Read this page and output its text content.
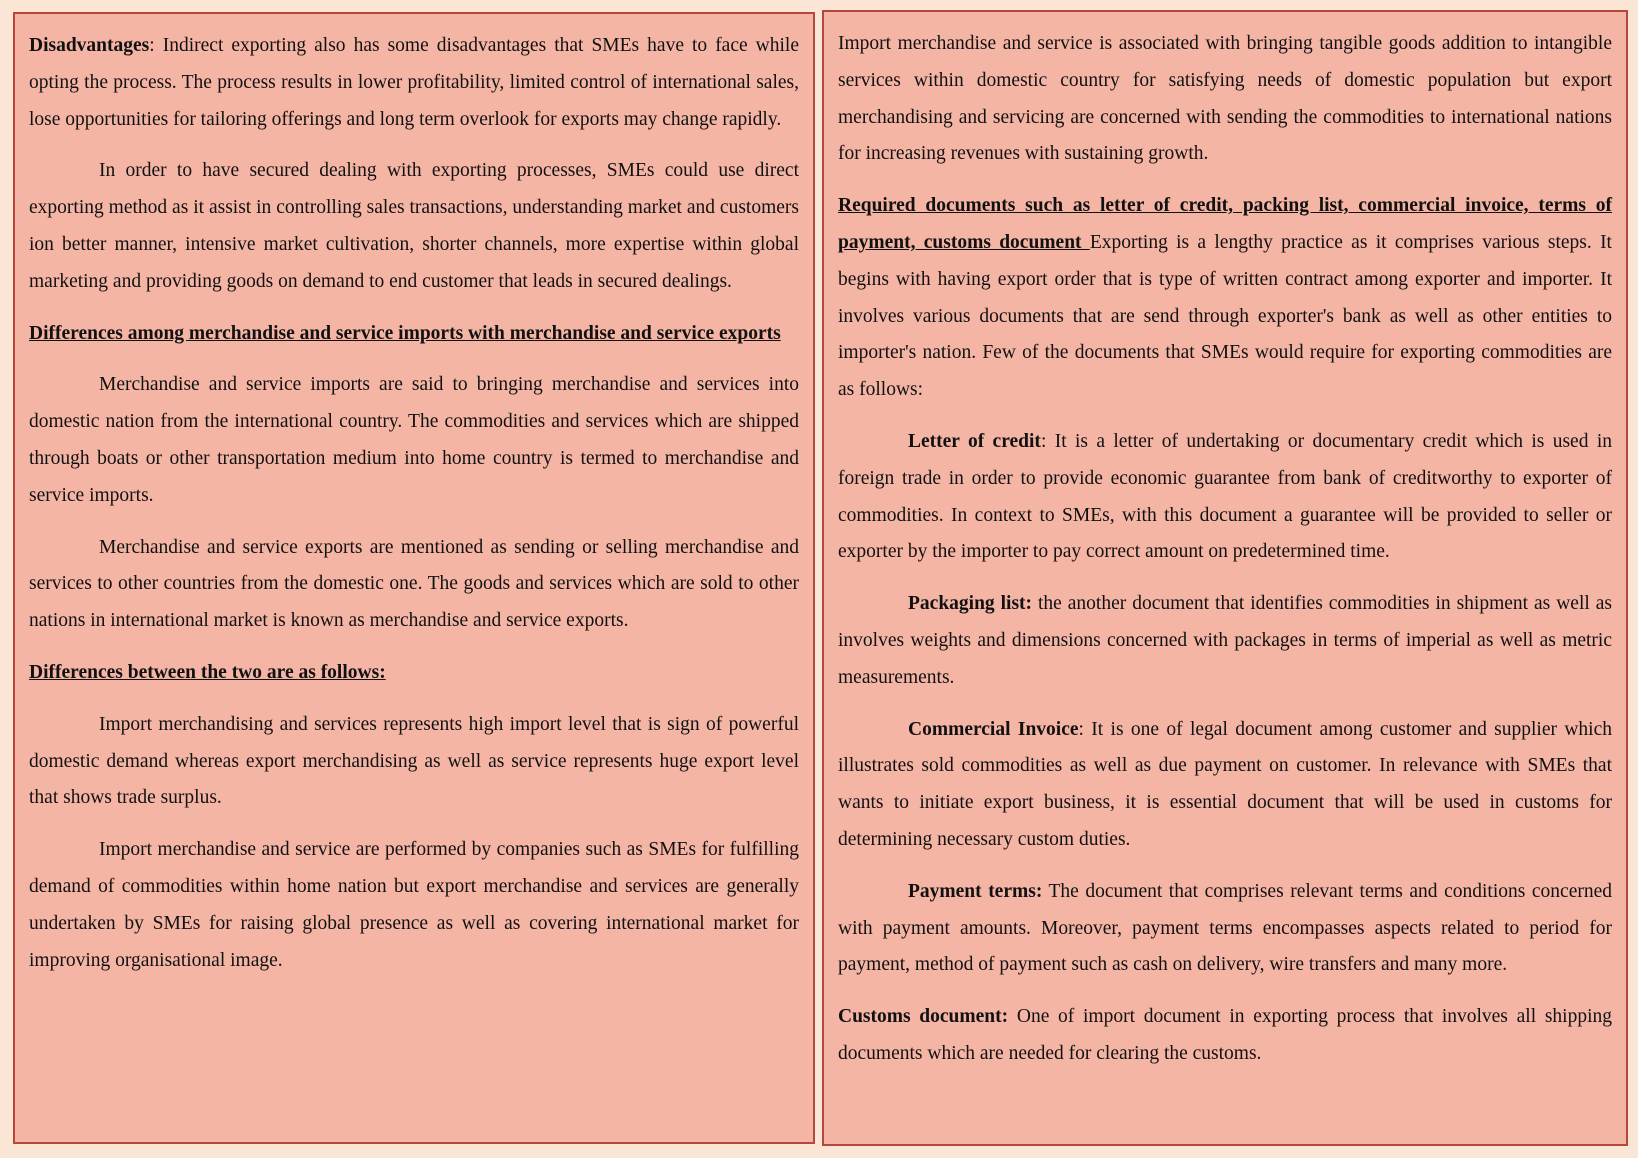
Disadvantages: Indirect exporting also has some disadvantages that SMEs have to face while opting the process. The process results in lower profitability, limited control of international sales, lose opportunities for tailoring offerings and long term overlook for exports may change rapidly.

In order to have secured dealing with exporting processes, SMEs could use direct exporting method as it assist in controlling sales transactions, understanding market and customers ion better manner, intensive market cultivation, shorter channels, more expertise within global marketing and providing goods on demand to end customer that leads in secured dealings.

Differences among merchandise and service imports with merchandise and service exports

Merchandise and service imports are said to bringing merchandise and services into domestic nation from the international country. The commodities and services which are shipped through boats or other transportation medium into home country is termed to merchandise and service imports.

Merchandise and service exports are mentioned as sending or selling merchandise and services to other countries from the domestic one. The goods and services which are sold to other nations in international market is known as merchandise and service exports.

Differences between the two are as follows:

Import merchandising and services represents high import level that is sign of powerful domestic demand whereas export merchandising as well as service represents huge export level that shows trade surplus.

Import merchandise and service are performed by companies such as SMEs for fulfilling demand of commodities within home nation but export merchandise and services are generally undertaken by SMEs for raising global presence as well as covering international market for improving organisational image.

Import merchandise and service is associated with bringing tangible goods addition to intangible services within domestic country for satisfying needs of domestic population but export merchandising and servicing are concerned with sending the commodities to international nations for increasing revenues with sustaining growth.

Required documents such as letter of credit, packing list, commercial invoice, terms of payment, customs document Exporting is a lengthy practice as it comprises various steps. It begins with having export order that is type of written contract among exporter and importer. It involves various documents that are send through exporter's bank as well as other entities to importer's nation. Few of the documents that SMEs would require for exporting commodities are as follows:

Letter of credit: It is a letter of undertaking or documentary credit which is used in foreign trade in order to provide economic guarantee from bank of creditworthy to exporter of commodities. In context to SMEs, with this document a guarantee will be provided to seller or exporter by the importer to pay correct amount on predetermined time.

Packaging list: the another document that identifies commodities in shipment as well as involves weights and dimensions concerned with packages in terms of imperial as well as metric measurements.

Commercial Invoice: It is one of legal document among customer and supplier which illustrates sold commodities as well as due payment on customer. In relevance with SMEs that wants to initiate export business, it is essential document that will be used in customs for determining necessary custom duties.

Payment terms: The document that comprises relevant terms and conditions concerned with payment amounts. Moreover, payment terms encompasses aspects related to period for payment, method of payment such as cash on delivery, wire transfers and many more.

Customs document: One of import document in exporting process that involves all shipping documents which are needed for clearing the customs.
